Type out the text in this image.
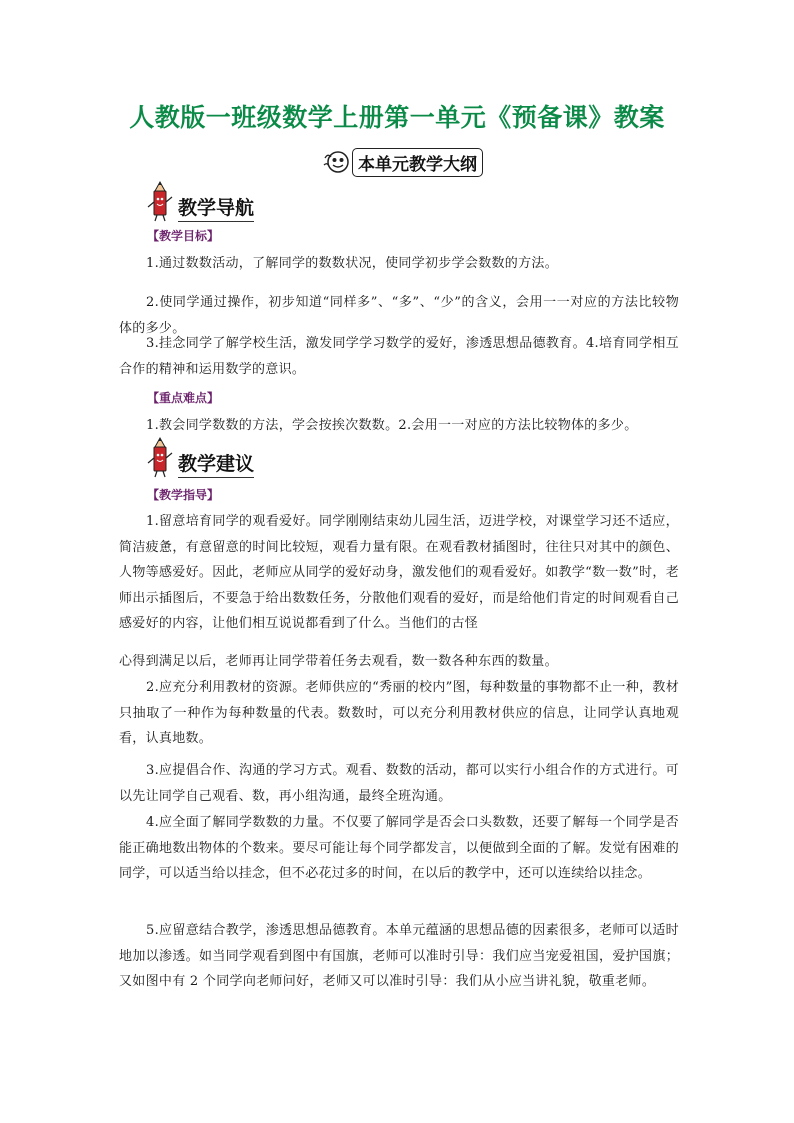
人教版一班级数学上册第一单元《预备课》教案
本单元教学大纲
教学导航

【教学目标】

1.通过数数活动，了解同学的数数状况，使同学初步学会数数的方法。

2.使同学通过操作，初步知道“同样多”、“多”、“少”的含义，会用一一对应的方法比较物体的多少。

3.挂念同学了解学校生活，激发同学学习数学的爱好，渗透思想品德教育。4.培育同学相互合作的精神和运用数学的意识。

【重点难点】

1.教会同学数数的方法，学会按挨次数数。2.会用一一对应的方法比较物体的多少。

教学建议

【教学指导】

1.留意培育同学的观看爱好。同学刚刚结束幼儿园生活，迈进学校，对课堂学习还不适应，简洁疲惫，有意留意的时间比较短，观看力量有限。在观看教材插图时，往往只对其中的颜色、人物等感爱好。因此，老师应从同学的爱好动身，激发他们的观看爱好。如教学“数一数”时，老师出示插图后，不要急于给出数数任务，分散他们观看的爱好，而是给他们肯定的时间观看自己感爱好的内容，让他们相互说说都看到了什么。当他们的古怪

心得到满足以后，老师再让同学带着任务去观看，数一数各种东西的数量。

2.应充分利用教材的资源。老师供应的“秀丽的校内”图，每种数量的事物都不止一种，教材只抽取了一种作为每种数量的代表。数数时，可以充分利用教材供应的信息，让同学认真地观看，认真地数。

3.应提倡合作、沟通的学习方式。观看、数数的活动，都可以实行小组合作的方式进行。可以先让同学自己观看、数，再小组沟通，最终全班沟通。

4.应全面了解同学数数的力量。不仅要了解同学是否会口头数数，还要了解每一个同学是否能正确地数出物体的个数来。要尽可能让每个同学都发言，以便做到全面的了解。发觉有困难的同学，可以适当给以挂念，但不必花过多的时间，在以后的教学中，还可以连续给以挂念。

5.应留意结合教学，渗透思想品德教育。本单元蕴涵的思想品德的因素很多，老师可以适时地加以渗透。如当同学观看到图中有国旗，老师可以准时引导：我们应当宠爱祖国，爱护国旗；又如图中有 2 个同学向老师问好，老师又可以准时引导：我们从小应当讲礼貌，敬重老师。
